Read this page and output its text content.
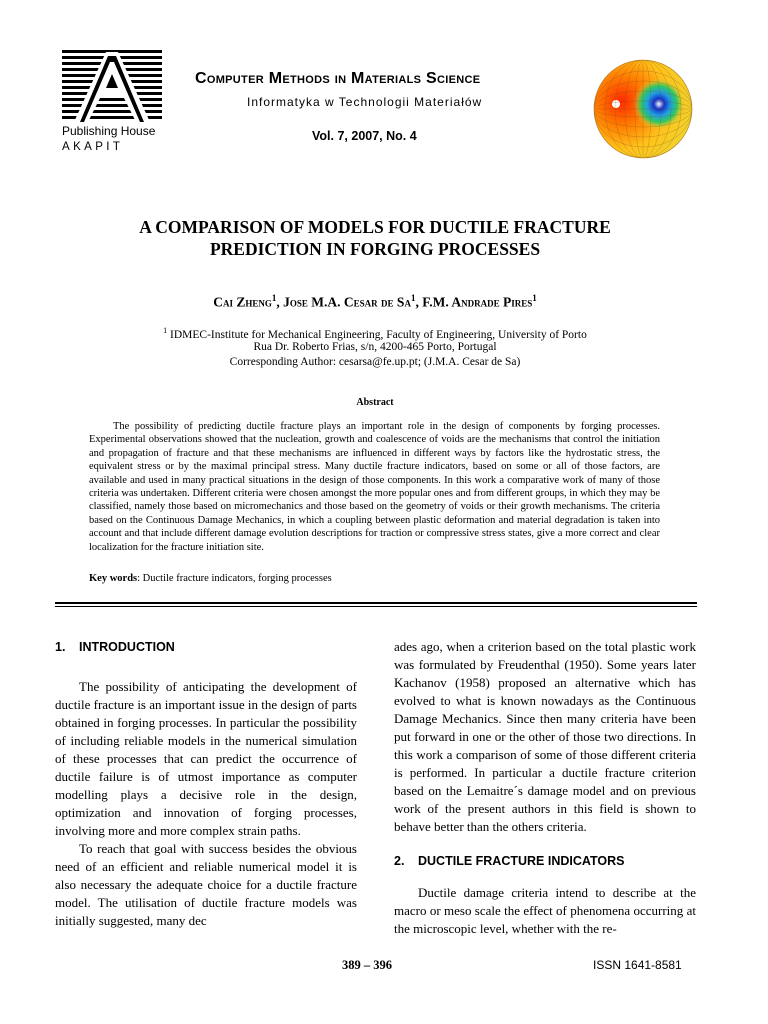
Publishing House
AKAPIT
Computer Methods in Materials Science
Informatyka w Technologii Materiałów
Vol. 7, 2007, No. 4
A COMPARISON OF MODELS FOR DUCTILE FRACTURE
PREDICTION IN FORGING PROCESSES
Cai Zheng$^1$, Jose M.A. Cesar de Sa$^1$, F.M. Andrade Pires$^1$
$^1$ IDMEC-Institute for Mechanical Engineering, Faculty of Engineering, University of Porto
Rua Dr. Roberto Frias, s/n, 4200-465 Porto, Portugal
Corresponding Author: cesarsa@fe.up.pt; (J.M.A. Cesar de Sa)
Abstract

The possibility of predicting ductile fracture plays an important role in the design of components by forging processes. Experimental observations showed that the nucleation, growth and coalescence of voids are the mechanisms that control the initiation and propagation of fracture and that these mechanisms are influenced in different ways by factors like the hydrostatic stress, the equivalent stress or by the maximal principal stress. Many ductile fracture indicators, based on some or all of those factors, are available and used in many practical situations in the design of those components. In this work a comparative work of many of those criteria was undertaken. Different criteria were chosen amongst the more popular ones and from different groups, in which they may be classified, namely those based on micromechanics and those based on the geometry of voids or their growth mechanisms. The criteria based on the Continuous Damage Mechanics, in which a coupling between plastic deformation and material degradation is taken into account and that include different damage evolution descriptions for traction or compressive stress states, give a more correct and clear localization for the fracture initiation site.

Key words: Ductile fracture indicators, forging processes
1. INTRODUCTION

The possibility of anticipating the development of ductile fracture is an important issue in the design of parts obtained in forging processes. In particular the possibility of including reliable models in the numerical simulation of these processes that can predict the occurrence of ductile failure is of utmost importance as computer modelling plays a decisive role in the design, optimization and innovation of forging processes, involving more and more complex strain paths.

To reach that goal with success besides the obvious need of an efficient and reliable numerical model it is also necessary the adequate choice for a ductile fracture model. The utilisation of ductile fracture models was initially suggested, many dec

ades ago, when a criterion based on the total plastic work was formulated by Freudenthal (1950). Some years later Kachanov (1958) proposed an alternative which has evolved to what is known nowadays as the Continuous Damage Mechanics. Since then many criteria have been put forward in one or the other of those two directions. In this work a comparison of some of those different criteria is performed. In particular a ductile fracture criterion based on the Lemaitre´s damage model and on previous work of the present authors in this field is shown to behave better than the others criteria.

2. DUCTILE FRACTURE INDICATORS

Ductile damage criteria intend to describe at the macro or meso scale the effect of phenomena occurring at the microscopic level, whether with the re-

389 – 396	ISSN 1641-8581
